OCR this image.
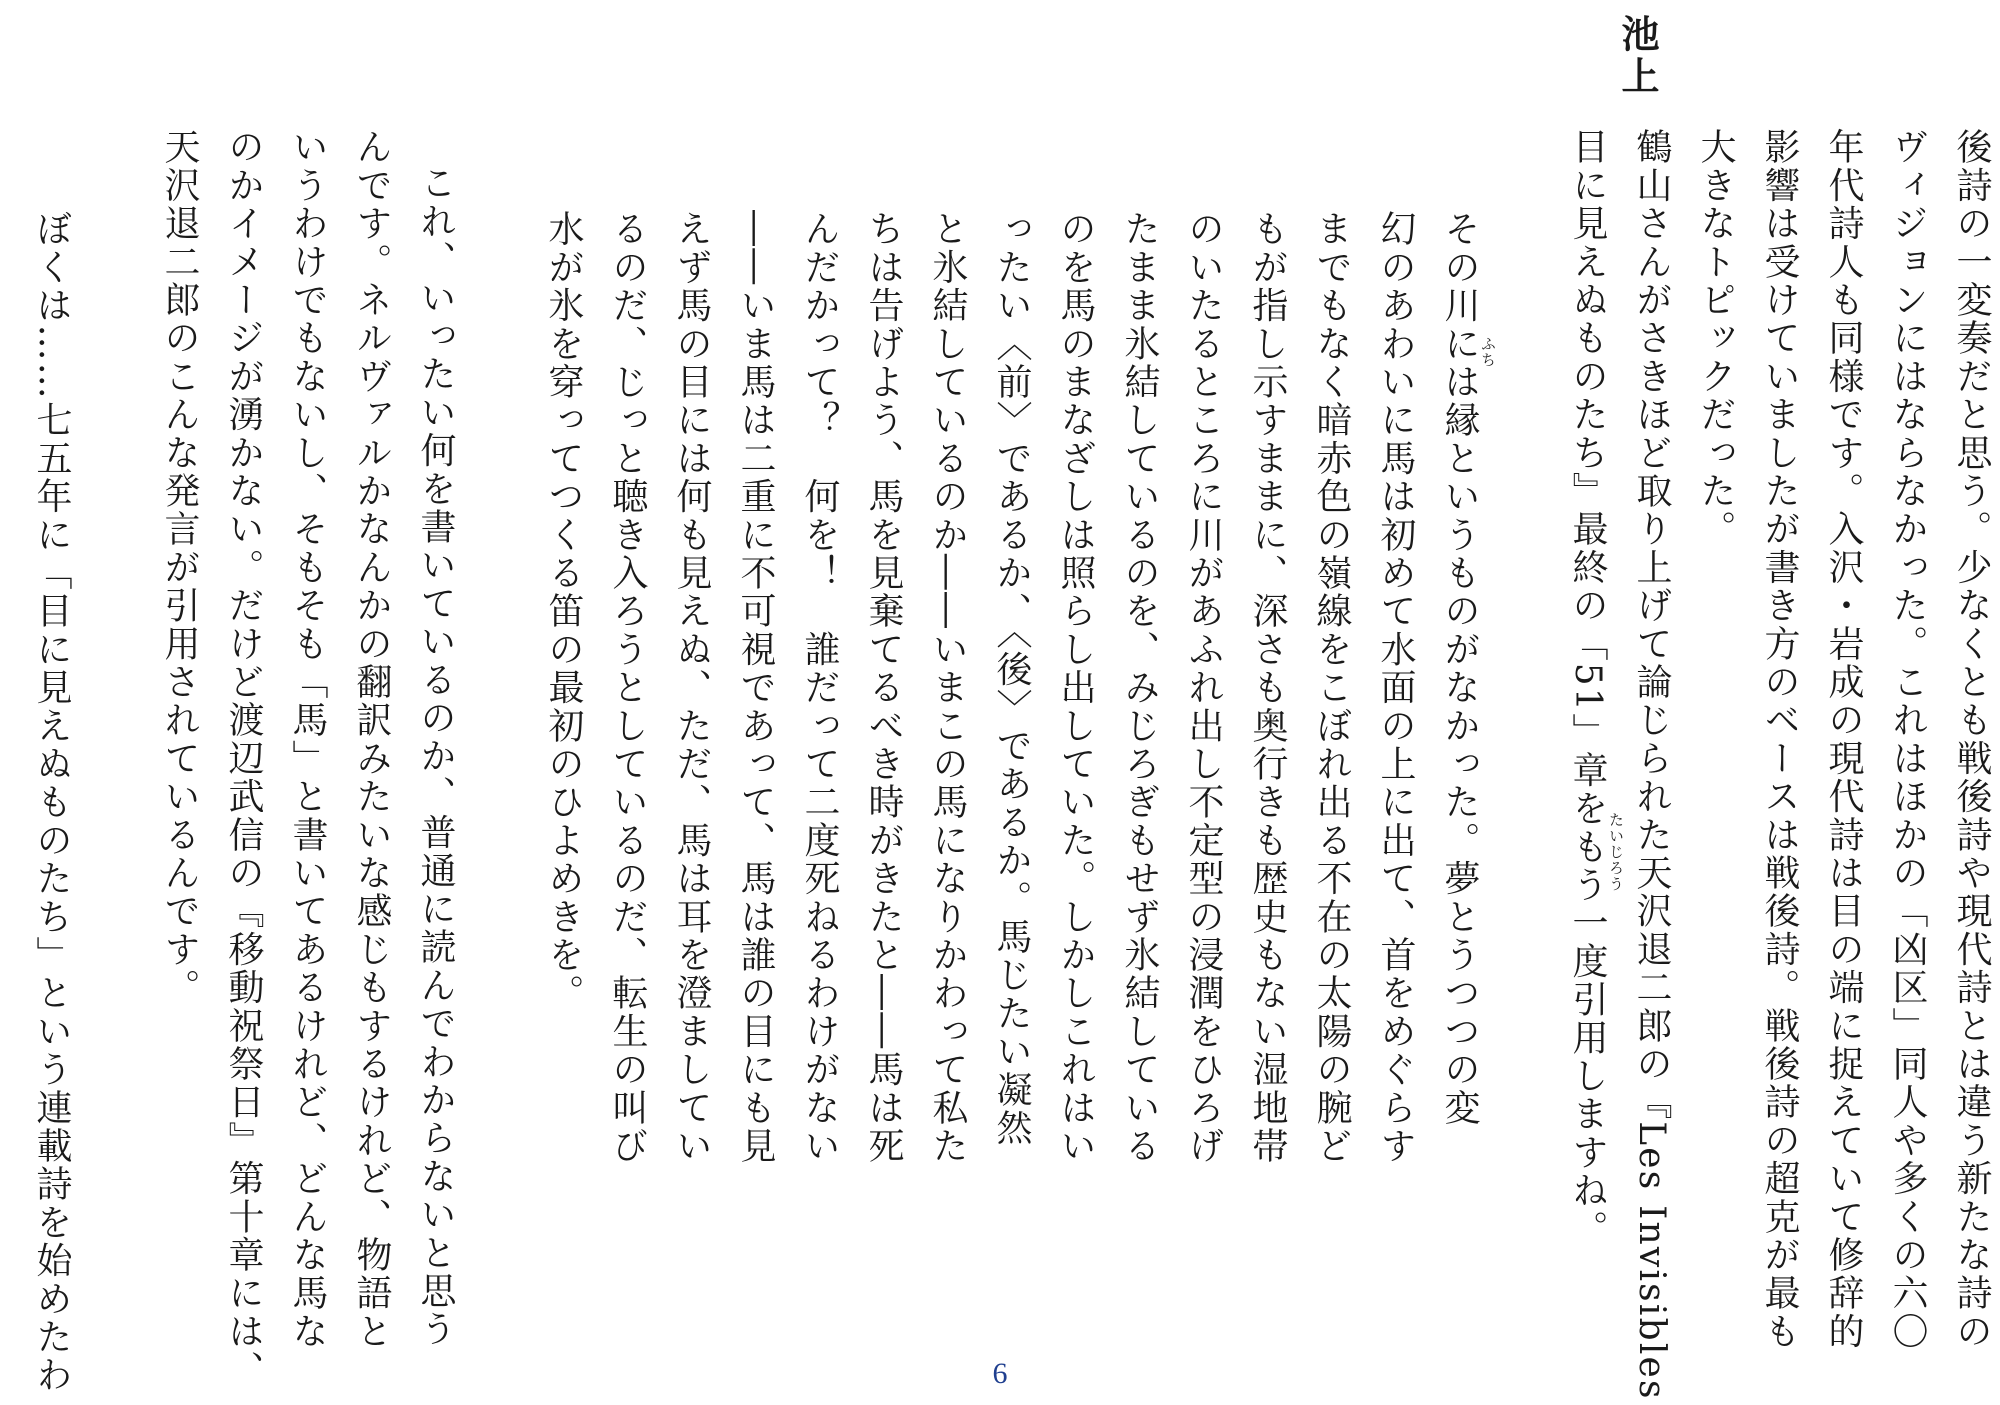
池上
後詩の一変奏だと思う。少なくとも戦後詩や現代詩とは違う新たな詩の
ヴィジョンにはならなかった。これはほかの「凶区」同人や多くの六〇
年代詩人も同様です。入沢・岩成の現代詩は目の端に捉えていて修辞的
影響は受けていましたが書き方のベースは戦後詩。戦後詩の超克が最も
大きなトピックだった。
鶴山さんがさきほど取り上げて論じられた天沢退二郎の『Les Invisibles
目に見えぬものたち』最終の「51」章をもう一度引用しますね。 たいじろう
その川には縁というものがなかった。夢とうつつの変 ふち
幻のあわいに馬は初めて水面の上に出て、首をめぐらす
までもなく暗赤色の嶺線をこぼれ出る不在の太陽の腕ど
もが指し示すままに、深さも奥行きも歴史もない湿地帯
のいたるところに川があふれ出し不定型の浸潤をひろげ
たまま氷結しているのを、みじろぎもせず氷結している
のを馬のまなざしは照らし出していた。しかしこれはい
ったい〈前〉であるか、〈後〉であるか。馬じたい凝然
と氷結しているのか――いまこの馬になりかわって私た
ちは告げよう、馬を見棄てるべき時がきたと――馬は死
んだかって？　何を！　誰だって二度死ねるわけがない
――いま馬は二重に不可視であって、馬は誰の目にも見
えず馬の目には何も見えぬ、ただ、馬は耳を澄ましてい
るのだ、じっと聴き入ろうとしているのだ、転生の叫び
水が氷を穿ってつくる笛の最初のひよめきを。
これ、いったい何を書いているのか、普通に読んでわからないと思う
んです。ネルヴァルかなんかの翻訳みたいな感じもするけれど、物語と
いうわけでもないし、そもそも「馬」と書いてあるけれど、どんな馬な
のかイメージが湧かない。だけど渡辺武信の『移動祝祭日』第十章には、
天沢退二郎のこんな発言が引用されているんです。
ぼくは……七五年に「目に見えぬものたち」という連載詩を始めたわ	6
